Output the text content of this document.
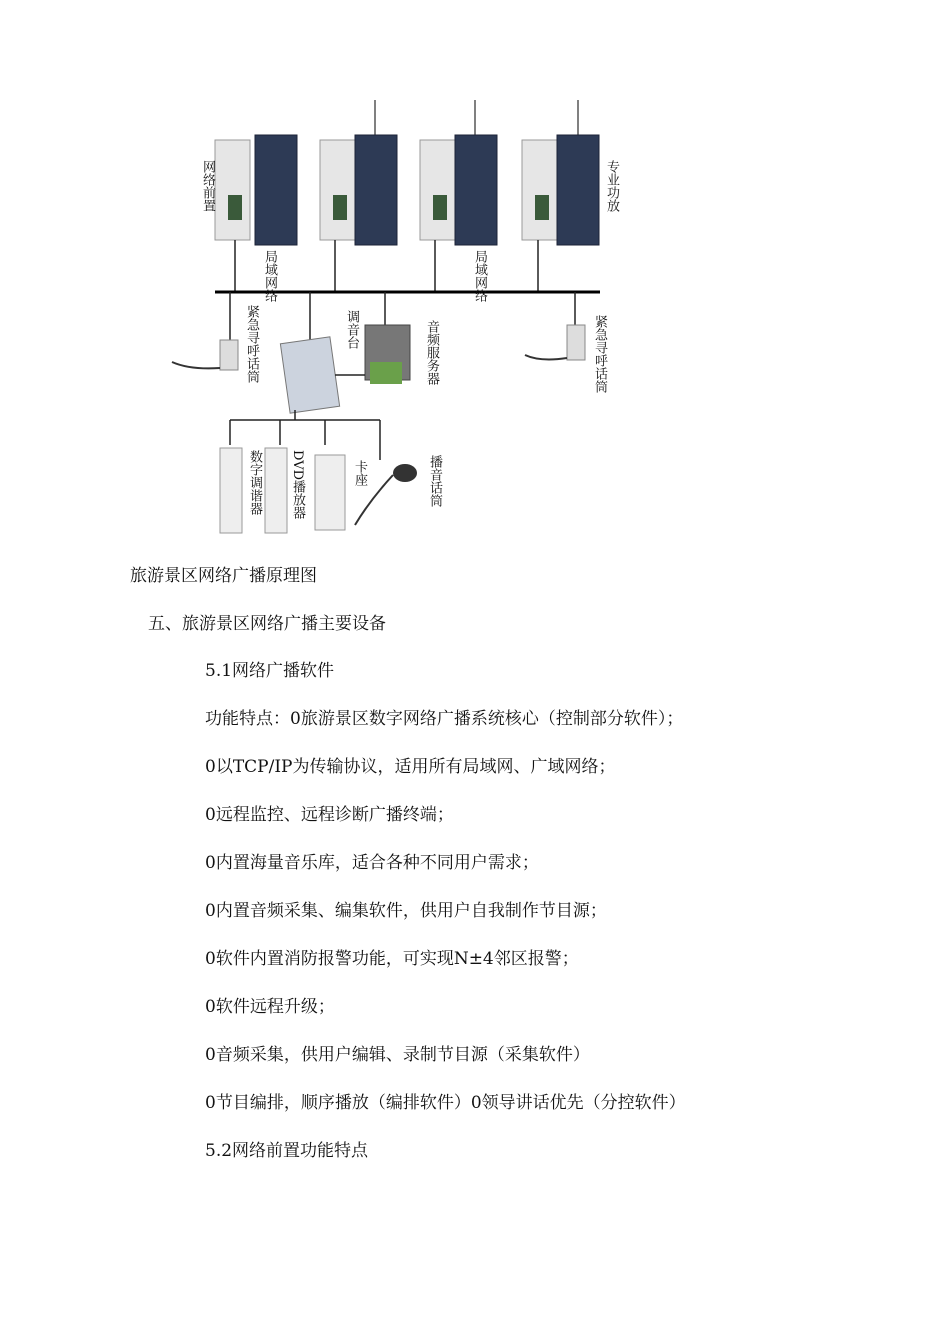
网络前置	专业功放
局域网络	局域网络
紧急寻呼话筒	调音台	音频服务器	紧急寻呼话筒
数字调谐器 DVD播放器	卡座	播音话筒
旅游景区网络广播原理图
五、旅游景区网络广播主要设备
5.1网络广播软件
功能特点：0旅游景区数字网络广播系统核心（控制部分软件）；
0以TCP/IP为传输协议，适用所有局域网、广域网络；
0远程监控、远程诊断广播终端；
0内置海量音乐库，适合各种不同用户需求；
0内置音频采集、编集软件，供用户自我制作节目源；
0软件内置消防报警功能，可实现N±4邻区报警；
0软件远程升级；
0音频采集，供用户编辑、录制节目源（采集软件）
0节目编排，顺序播放（编排软件）0领导讲话优先（分控软件）
5.2网络前置功能特点
